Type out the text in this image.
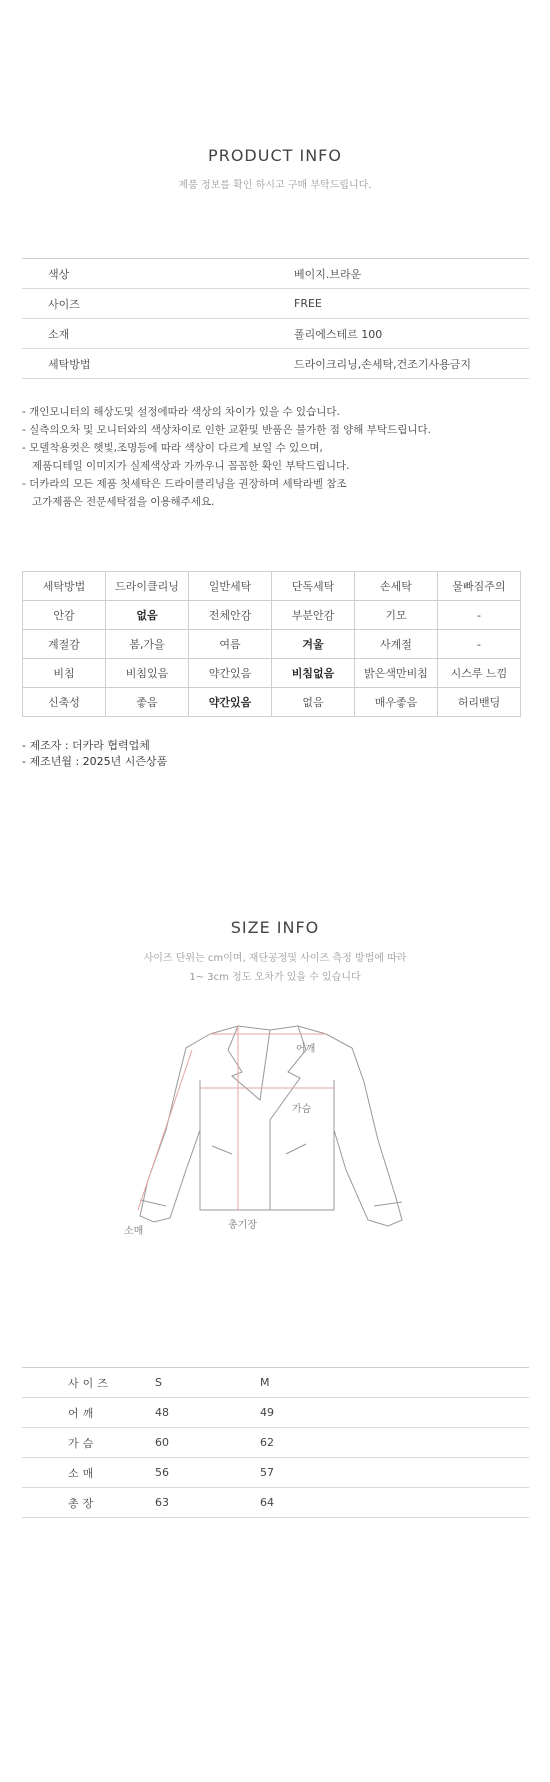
PRODUCT INFO
제품 정보를 확인 하시고 구매 부탁드립니다.
색상	베이지.브라운
사이즈	FREE
소재	폴리에스테르 100
세탁방법	드라이크리닝,손세탁,건조기사용금지
- 개인모니터의 해상도및 설정에따라 색상의 차이가 있을 수 있습니다.
- 실측의오차 및 모니터와의 색상차이로 인한 교환및 반품은 불가한 점 양해 부탁드립니다.
- 모델착용컷은 햇빛,조명등에 따라 색상이 다르게 보일 수 있으며,
제품디테일 이미지가 실제색상과 가까우니 꼼꼼한 확인 부탁드립니다.
- 더카라의 모든 제품 첫세탁은 드라이클리닝을 권장하며 세탁라벨 참조
고가제품은 전문세탁점을 이용해주세요.
세탁방법	드라이클리닝	일반세탁	단독세탁	손세탁	물빠짐주의
안감	없음	전체안감	부분안감	기모	-
계절감	봄,가을	여름	겨울	사계절	-
비침	비침있음	약간있음	비침없음	밝은색만비침	시스루 느낌
신축성	좋음	약간있음	없음	매우좋음	허리밴딩
- 제조자 : 더카라 협력업체
- 제조년월 : 2025년 시즌상품
SIZE INFO
사이즈 단위는 cm이며, 재단공정및 사이즈 측정 방법에 따라
1~ 3cm 정도 오차가 있을 수 있습니다
어깨
가슴
소매
총기장
사이즈	S	M
어깨	48	49
가슴	60	62
소매	56	57
총장	63	64
